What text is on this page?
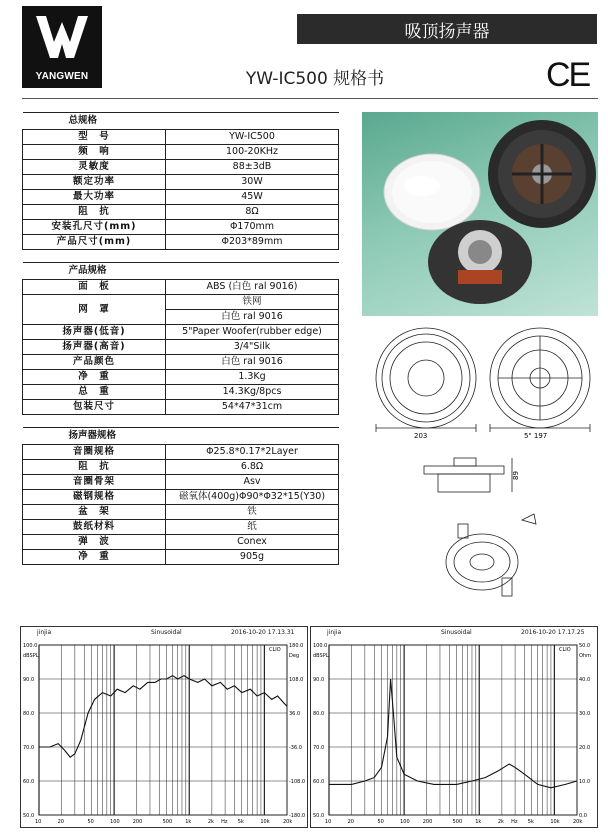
YANGWEN
吸顶扬声器
YW-IC500 规格书	CE
总规格	
型　号	YW-IC500
频　响	100-20KHz
灵敏度	88±3dB
额定功率	30W
最大功率	45W
阻　抗	8Ω
安装孔尺寸(mm)	Φ170mm
产品尺寸(mm)	Φ203*89mm

产品规格	
面　板	ABS (白色 ral 9016)
网　罩	铁网
	白色 ral 9016
扬声器(低音)	5"Paper Woofer(rubber edge)
扬声器(高音)	3/4"Silk
产品颜色	白色 ral 9016
净　重	1.3Kg
总　重	14.3Kg/8pcs
包装尺寸	54*47*31cm

扬声器规格	
音圈规格	Φ25.8*0.17*2Layer
阻　抗	6.8Ω
音圈骨架	Asv
磁钢规格	磁氧体(400g)Φ90*Φ32*15(Y30)
盆　架	铁
鼓纸材料	纸
弹　波	Conex
净　重	905g
203	5" 197
89
jinjia	Sinusoidal	2016-10-20 17.13.31
100.0
90.0
80.0
70.0
60.0
50.0
180.0
108.0
36.0
-36.0
-108.0
-180.0
10	20	50	100	200	500	1k	2k Hz 5k	10k	20k
dBSPL	Deg
CLIO
jinjia	Sinusoidal	2016-10-20 17.17.25
100.0
90.0
80.0
70.0
60.0
50.0
50.0
40.0
30.0
20.0
10.0
0.0
10	20	50	100	200	500	1k	2k Hz 5k	10k	20k
dBSPL	Ohm
CLIO
